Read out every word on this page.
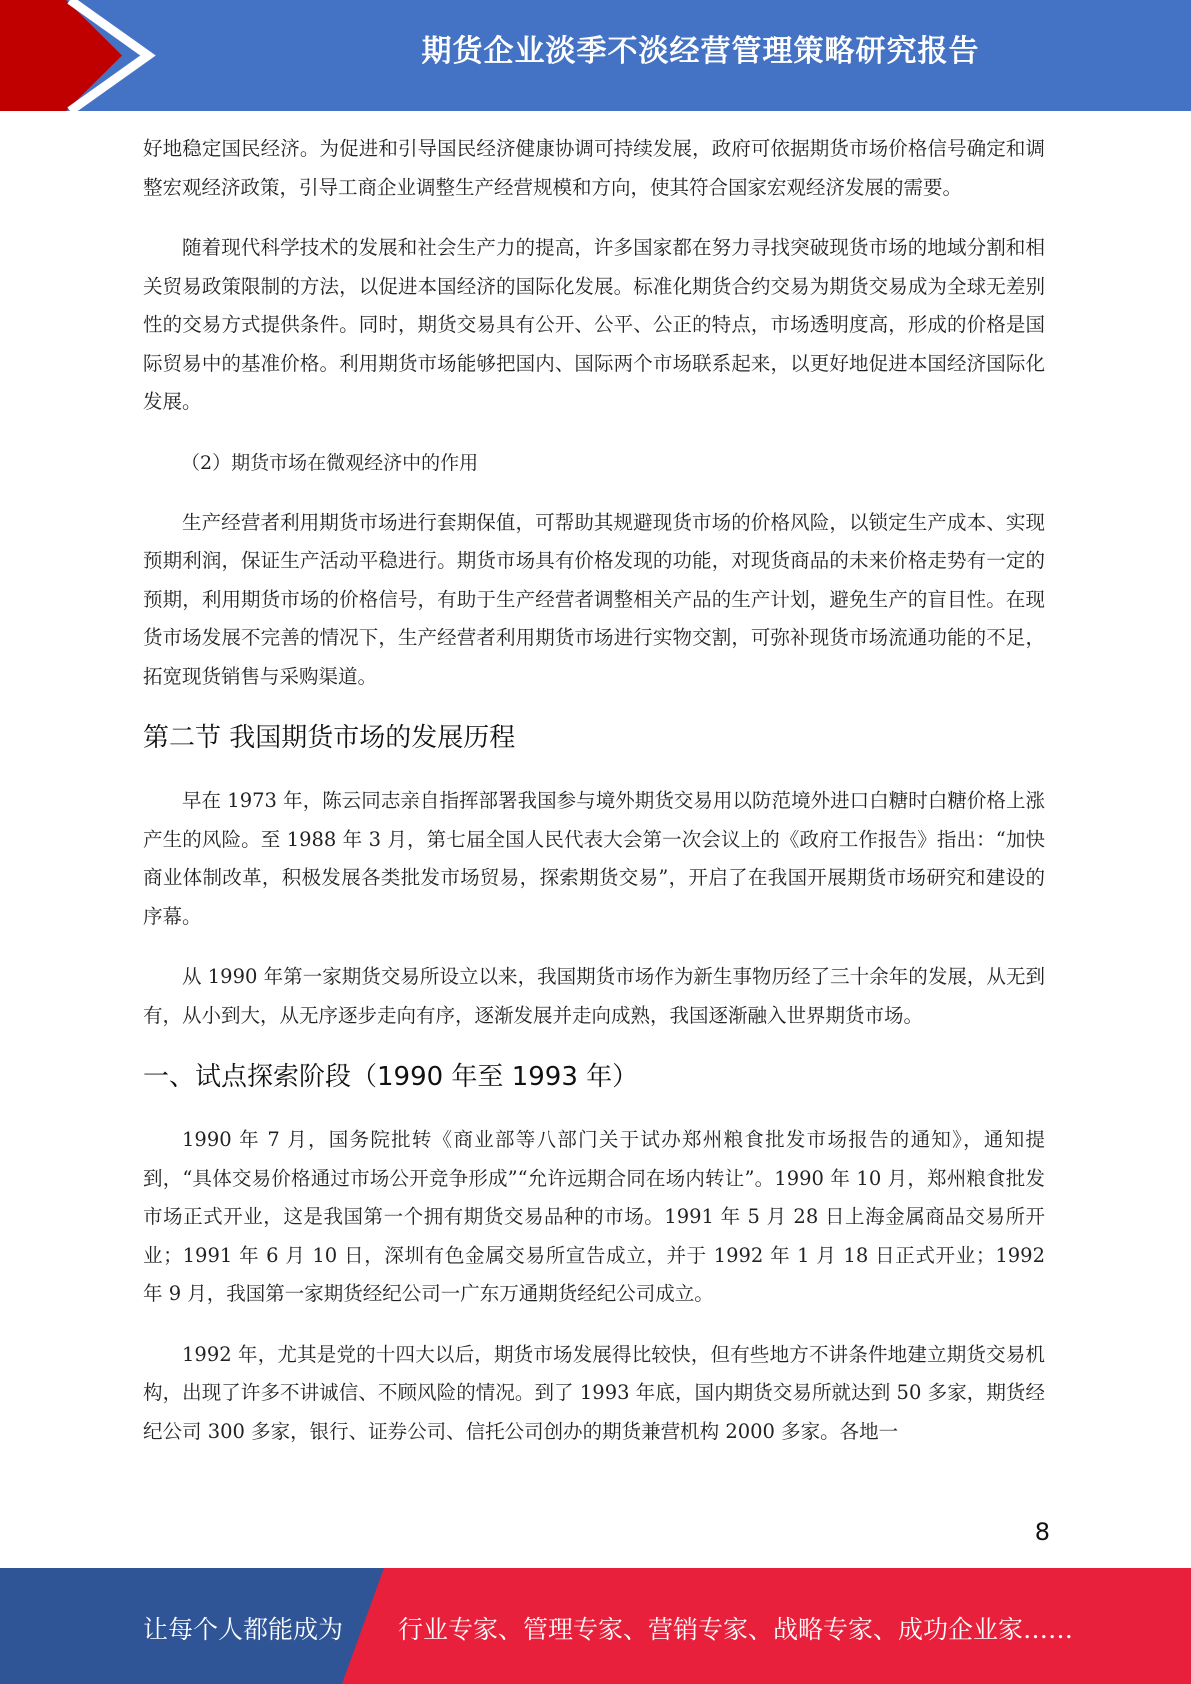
期货企业淡季不淡经营管理策略研究报告

好地稳定国民经济。为促进和引导国民经济健康协调可持续发展，政府可依据期货市场价格信号确定和调整宏观经济政策，引导工商企业调整生产经营规模和方向，使其符合国家宏观经济发展的需要。

随着现代科学技术的发展和社会生产力的提高，许多国家都在努力寻找突破现货市场的地域分割和相关贸易政策限制的方法，以促进本国经济的国际化发展。标准化期货合约交易为期货交易成为全球无差别性的交易方式提供条件。同时，期货交易具有公开、公平、公正的特点，市场透明度高，形成的价格是国际贸易中的基准价格。利用期货市场能够把国内、国际两个市场联系起来，以更好地促进本国经济国际化发展。

（2）期货市场在微观经济中的作用

生产经营者利用期货市场进行套期保值，可帮助其规避现货市场的价格风险，以锁定生产成本、实现预期利润，保证生产活动平稳进行。期货市场具有价格发现的功能，对现货商品的未来价格走势有一定的预期，利用期货市场的价格信号，有助于生产经营者调整相关产品的生产计划，避免生产的盲目性。在现货市场发展不完善的情况下，生产经营者利用期货市场进行实物交割，可弥补现货市场流通功能的不足，拓宽现货销售与采购渠道。

第二节 我国期货市场的发展历程

早在 1973 年，陈云同志亲自指挥部署我国参与境外期货交易用以防范境外进口白糖时白糖价格上涨产生的风险。至 1988 年 3 月，第七届全国人民代表大会第一次会议上的《政府工作报告》指出：“加快商业体制改革，积极发展各类批发市场贸易，探索期货交易”，开启了在我国开展期货市场研究和建设的序幕。

从 1990 年第一家期货交易所设立以来，我国期货市场作为新生事物历经了三十余年的发展，从无到有，从小到大，从无序逐步走向有序，逐渐发展并走向成熟，我国逐渐融入世界期货市场。

一、试点探索阶段（1990 年至 1993 年）

1990 年 7 月，国务院批转《商业部等八部门关于试办郑州粮食批发市场报告的通知》，通知提到，“具体交易价格通过市场公开竞争形成”“允许远期合同在场内转让”。1990 年 10 月，郑州粮食批发市场正式开业，这是我国第一个拥有期货交易品种的市场。1991 年 5 月 28 日上海金属商品交易所开业；1991 年 6 月 10 日，深圳有色金属交易所宣告成立，并于 1992 年 1 月 18 日正式开业；1992 年 9 月，我国第一家期货经纪公司一广东万通期货经纪公司成立。

1992 年，尤其是党的十四大以后，期货市场发展得比较快，但有些地方不讲条件地建立期货交易机构，出现了许多不讲诚信、不顾风险的情况。到了 1993 年底，国内期货交易所就达到 50 多家，期货经纪公司 300 多家，银行、证券公司、信托公司创办的期货兼营机构 2000 多家。各地一

8
让每个人都能成为 行业专家、管理专家、营销专家、战略专家、成功企业家……
